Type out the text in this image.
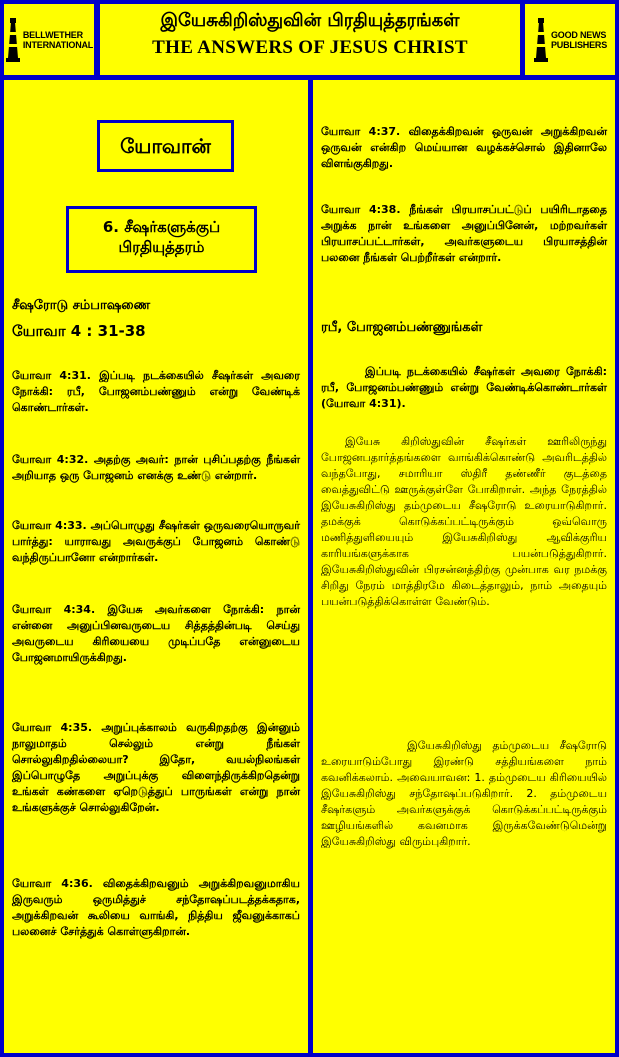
BELLWETHER
INTERNATIONAL
இயேசுகிறிஸ்துவின் பிரதியுத்தரங்கள்
THE ANSWERS OF JESUS CHRIST
GOOD NEWS
PUBLISHERS
யோவான்
6. சீஷர்களுக்குப்
பிரதியுத்தரம்
சீஷரோடு சம்பாஷணை
யோவா 4 : 31-38

யோவா 4:31. இப்படி நடக்கையில் சீஷர்கள் அவரை நோக்கி: ரபீ, போஜனம்பண்ணும் என்று வேண்டிக் கொண்டார்கள்.

யோவா 4:32. அதற்கு அவர்: நான் புசிப்பதற்கு நீங்கள் அறியாத ஒரு போஜனம் எனக்கு உண்டு என்றார்.

யோவா 4:33. அப்பொழுது சீஷர்கள் ஒருவரையொருவர் பார்த்து: யாராவது அவருக்குப் போஜனம் கொண்டு வந்திருப்பானோ என்றார்கள்.

யோவா 4:34. இயேசு அவர்களை நோக்கி: நான் என்னை அனுப்பினவருடைய சித்தத்தின்படி செய்து அவருடைய கிரியையை முடிப்பதே என்னுடைய போஜனமாயிருக்கிறது.

யோவா 4:35. அறுப்புக்காலம் வருகிறதற்கு இன்னும் நாலுமாதம் செல்லும் என்று நீங்கள் சொல்லுகிறதில்லையா? இதோ, வயல்நிலங்கள் இப்பொழுதே அறுப்புக்கு விளைந்திருக்கிறதென்று உங்கள் கண்களை ஏறெடுத்துப் பாருங்கள் என்று நான் உங்களுக்குச் சொல்லுகிறேன்.

யோவா 4:36. விதைக்கிறவனும் அறுக்கிறவனுமாகிய இருவரும் ஒருமித்துச் சந்தோஷப்படத்தக்கதாக, அறுக்கிறவன் கூலியை வாங்கி, நித்திய ஜீவனுக்காகப் பலனைச் சேர்த்துக் கொள்ளுகிறான்.

யோவா 4:37. விதைக்கிறவன் ஒருவன் அறுக்கிறவன் ஒருவன் என்கிற மெய்யான வழக்கச்சொல் இதினாலே விளங்குகிறது.

யோவா 4:38. நீங்கள் பிரயாசப்பட்டுப் பயிரிடாததை அறுக்க நான் உங்களை அனுப்பினேன், மற்றவர்கள் பிரயாசப்பட்டார்கள், அவர்களுடைய பிரயாசத்தின் பலனை நீங்கள் பெற்றீர்கள் என்றார்.

ரபீ, போஜனம்பண்ணுங்கள்

இப்படி நடக்கையில் சீஷர்கள் அவரை நோக்கி: ரபீ, போஜனம்பண்ணும் என்று வேண்டிக்கொண்டார்கள் (யோவா 4:31).

இயேசு கிறிஸ்துவின் சீஷர்கள் ஊரிலிருந்து போஜனபதார்த்தங்களை வாங்கிக்கொண்டு அவரிடத்தில் வந்தபோது, சமாரியா ஸ்திரீ தண்ணீர் குடத்தை வைத்துவிட்டு ஊருக்குள்ளே போகிறாள். அந்த நேரத்தில் இயேசுகிறிஸ்து தம்முடைய சீஷரோடு உரையாடுகிறார். தமக்குக் கொடுக்கப்பட்டிருக்கும் ஒவ்வொரு மணித்துளியையும் இயேசுகிறிஸ்து ஆவிக்குரிய காரியங்களுக்காக பயன்படுத்துகிறார். இயேசுகிறிஸ்துவின் பிரசன்னத்திற்கு முன்பாக வர நமக்கு சிறிது நேரம் மாத்திரமே கிடைத்தாலும், நாம் அதையும் பயன்படுத்திக்கொள்ள வேண்டும்.

இயேசுகிறிஸ்து தம்முடைய சீஷரோடு உரையாடும்போது இரண்டு சத்தியங்களை நாம் கவனிக்கலாம். அவையாவன: 1. தம்முடைய கிரியையில் இயேசுகிறிஸ்து சந்தோஷப்படுகிறார். 2. தம்முடைய சீஷர்களும் அவர்களுக்குக் கொடுக்கப்பட்டிருக்கும் ஊழியங்களில் கவனமாக இருக்கவேண்டுமென்று இயேசுகிறிஸ்து விரும்புகிறார்.
